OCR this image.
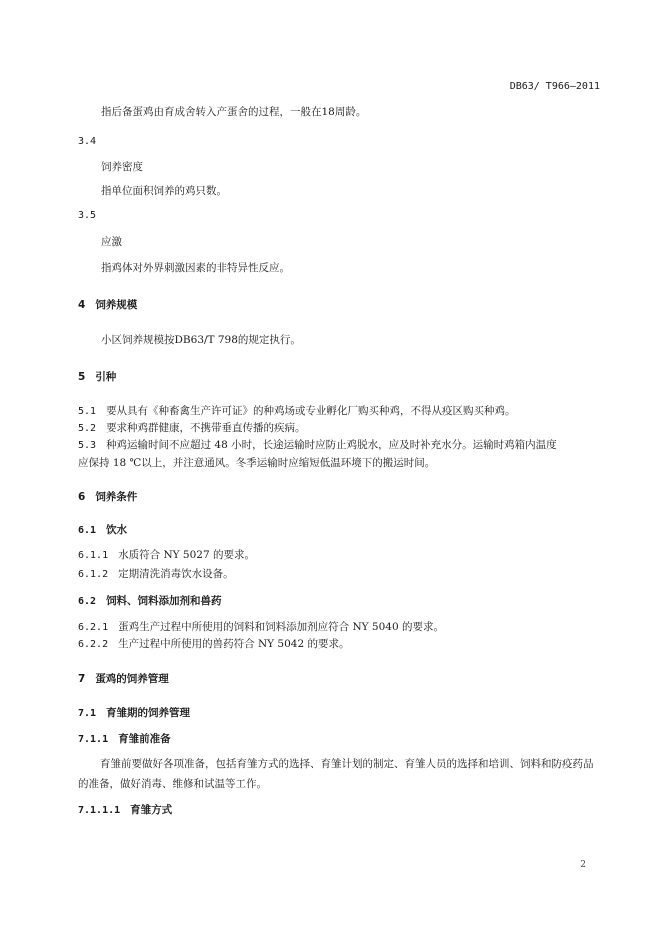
DB63/ T966—2011
指后备蛋鸡由育成舍转入产蛋舍的过程，一般在18周龄。
3.4
饲养密度
指单位面积饲养的鸡只数。
3.5
应激
指鸡体对外界刺激因素的非特异性反应。
4 饲养规模
小区饲养规模按DB63/T 798的规定执行。
5 引种
5.1 要从具有《种畜禽生产许可证》的种鸡场或专业孵化厂购买种鸡，不得从疫区购买种鸡。
5.2 要求种鸡群健康，不携带垂直传播的疾病。
5.3 种鸡运输时间不应超过 48 小时，长途运输时应防止鸡脱水，应及时补充水分。运输时鸡箱内温度
应保持 18 ℃以上，并注意通风。冬季运输时应缩短低温环境下的搬运时间。
6 饲养条件
6.1 饮水
6.1.1 水质符合 NY 5027 的要求。
6.1.2 定期清洗消毒饮水设备。
6.2 饲料、饲料添加剂和兽药
6.2.1 蛋鸡生产过程中所使用的饲料和饲料添加剂应符合 NY 5040 的要求。
6.2.2 生产过程中所使用的兽药符合 NY 5042 的要求。
7 蛋鸡的饲养管理
7.1 育雏期的饲养管理
7.1.1 育雏前准备
育雏前要做好各项准备，包括育雏方式的选择、育雏计划的制定、育雏人员的选择和培训、饲料和防疫药品的准备，做好消毒、维修和试温等工作。
7.1.1.1 育雏方式
2
